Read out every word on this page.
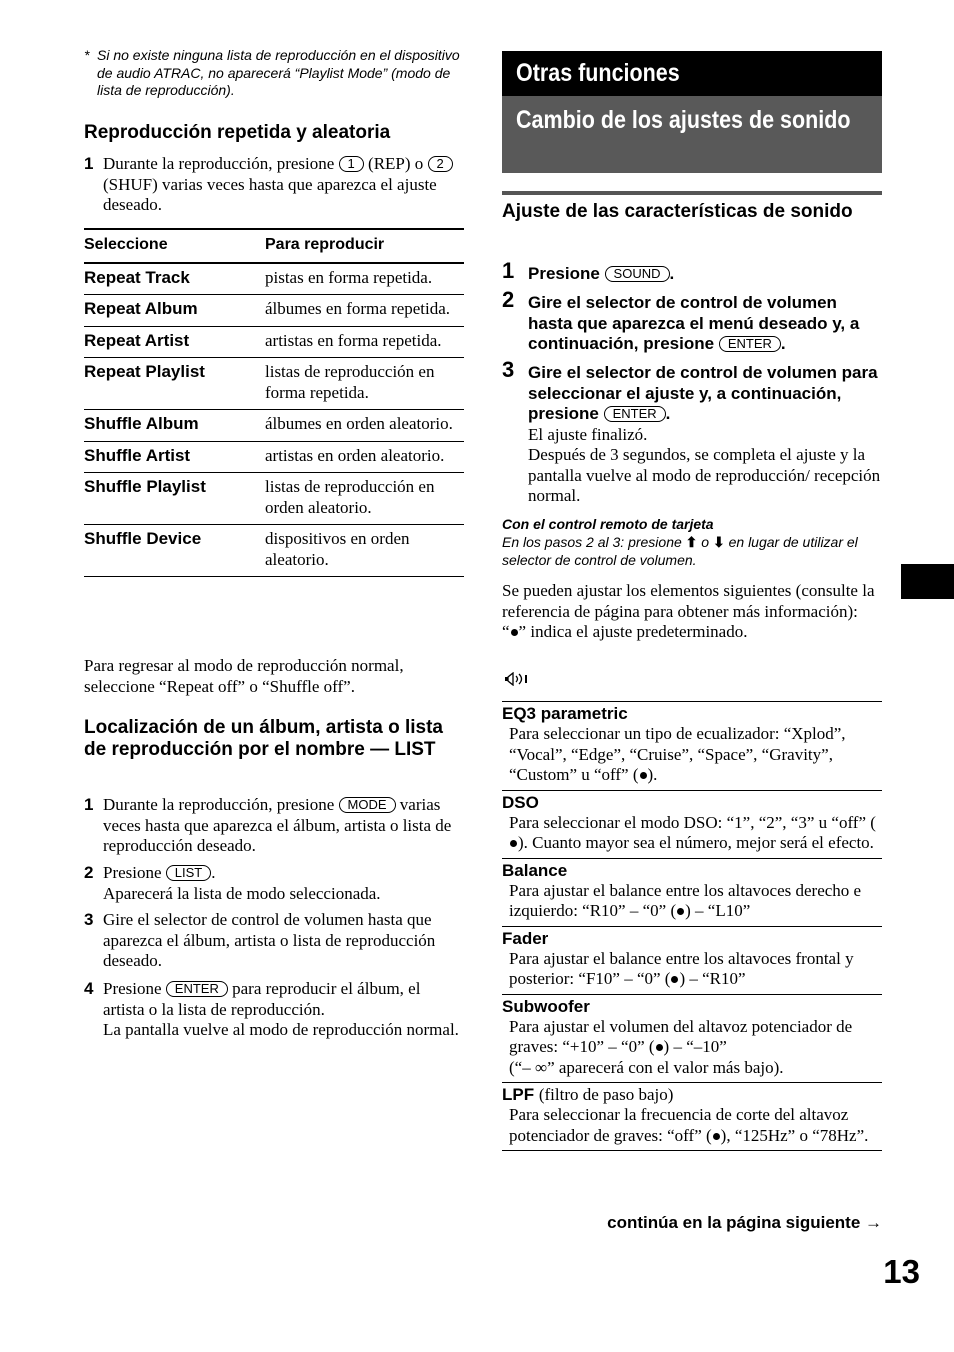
* Si no existe ninguna lista de reproducción en el dispositivo de audio ATRAC, no aparecerá “Playlist Mode” (modo de lista de reproducción).
Reproducción repetida y aleatoria
1 Durante la reproducción, presione 1 (REP) o 2 (SHUF) varias veces hasta que aparezca el ajuste deseado.
Seleccione	Para reproducir
Repeat Track	pistas en forma repetida.
Repeat Album	álbumes en forma repetida.
Repeat Artist	artistas en forma repetida.
Repeat Playlist	listas de reproducción en forma repetida.
Shuffle Album	álbumes en orden aleatorio.
Shuffle Artist	artistas en orden aleatorio.
Shuffle Playlist	listas de reproducción en orden aleatorio.
Shuffle Device	dispositivos en orden aleatorio.
Para regresar al modo de reproducción normal, seleccione “Repeat off” o “Shuffle off”.
Localización de un álbum, artista o lista de reproducción por el nombre — LIST
1 Durante la reproducción, presione MODE varias veces hasta que aparezca el álbum, artista o lista de reproducción deseado.
2 Presione LIST .
Aparecerá la lista de modo seleccionada.
3 Gire el selector de control de volumen hasta que aparezca el álbum, artista o lista de reproducción deseado.
4 Presione ENTER para reproducir el álbum, el artista o la lista de reproducción.
La pantalla vuelve al modo de reproducción normal.
Otras funciones
Cambio de los ajustes de sonido
Ajuste de las características de sonido
1 Presione SOUND .
2 Gire el selector de control de volumen hasta que aparezca el menú deseado y, a continuación, presione ENTER .
3 Gire el selector de control de volumen para seleccionar el ajuste y, a continuación, presione ENTER .
El ajuste finalizó.
Después de 3 segundos, se completa el ajuste y la pantalla vuelve al modo de reproducción/ recepción normal.
Con el control remoto de tarjeta
En los pasos 2 al 3: presione ⬆ o ⬇ en lugar de utilizar el selector de control de volumen.
Se pueden ajustar los elementos siguientes (consulte la referencia de página para obtener más información):
“ ” indica el ajuste predeterminado.
EQ3 parametric
Para seleccionar un tipo de ecualizador: “Xplod”, “Vocal”, “Edge”, “Cruise”, “Space”, “Gravity”, “Custom” u “off” ( ).
DSO
Para seleccionar el modo DSO: “1”, “2”, “3” u “off” (). Cuanto mayor sea el número, mejor será el efecto.
Balance
Para ajustar el balance entre los altavoces derecho e izquierdo: “R10” – “0” ( ) – “L10”
Fader
Para ajustar el balance entre los altavoces frontal y posterior: “F10” – “0” ( ) – “R10”
Subwoofer
Para ajustar el volumen del altavoz potenciador de graves: “+10” – “0” ( ) – “–10”
(“– ∞” aparecerá con el valor más bajo).
LPF (filtro de paso bajo)
Para seleccionar la frecuencia de corte del altavoz potenciador de graves: “off” ( ), “125Hz” o “78Hz”.
continúa en la página siguiente →
13
